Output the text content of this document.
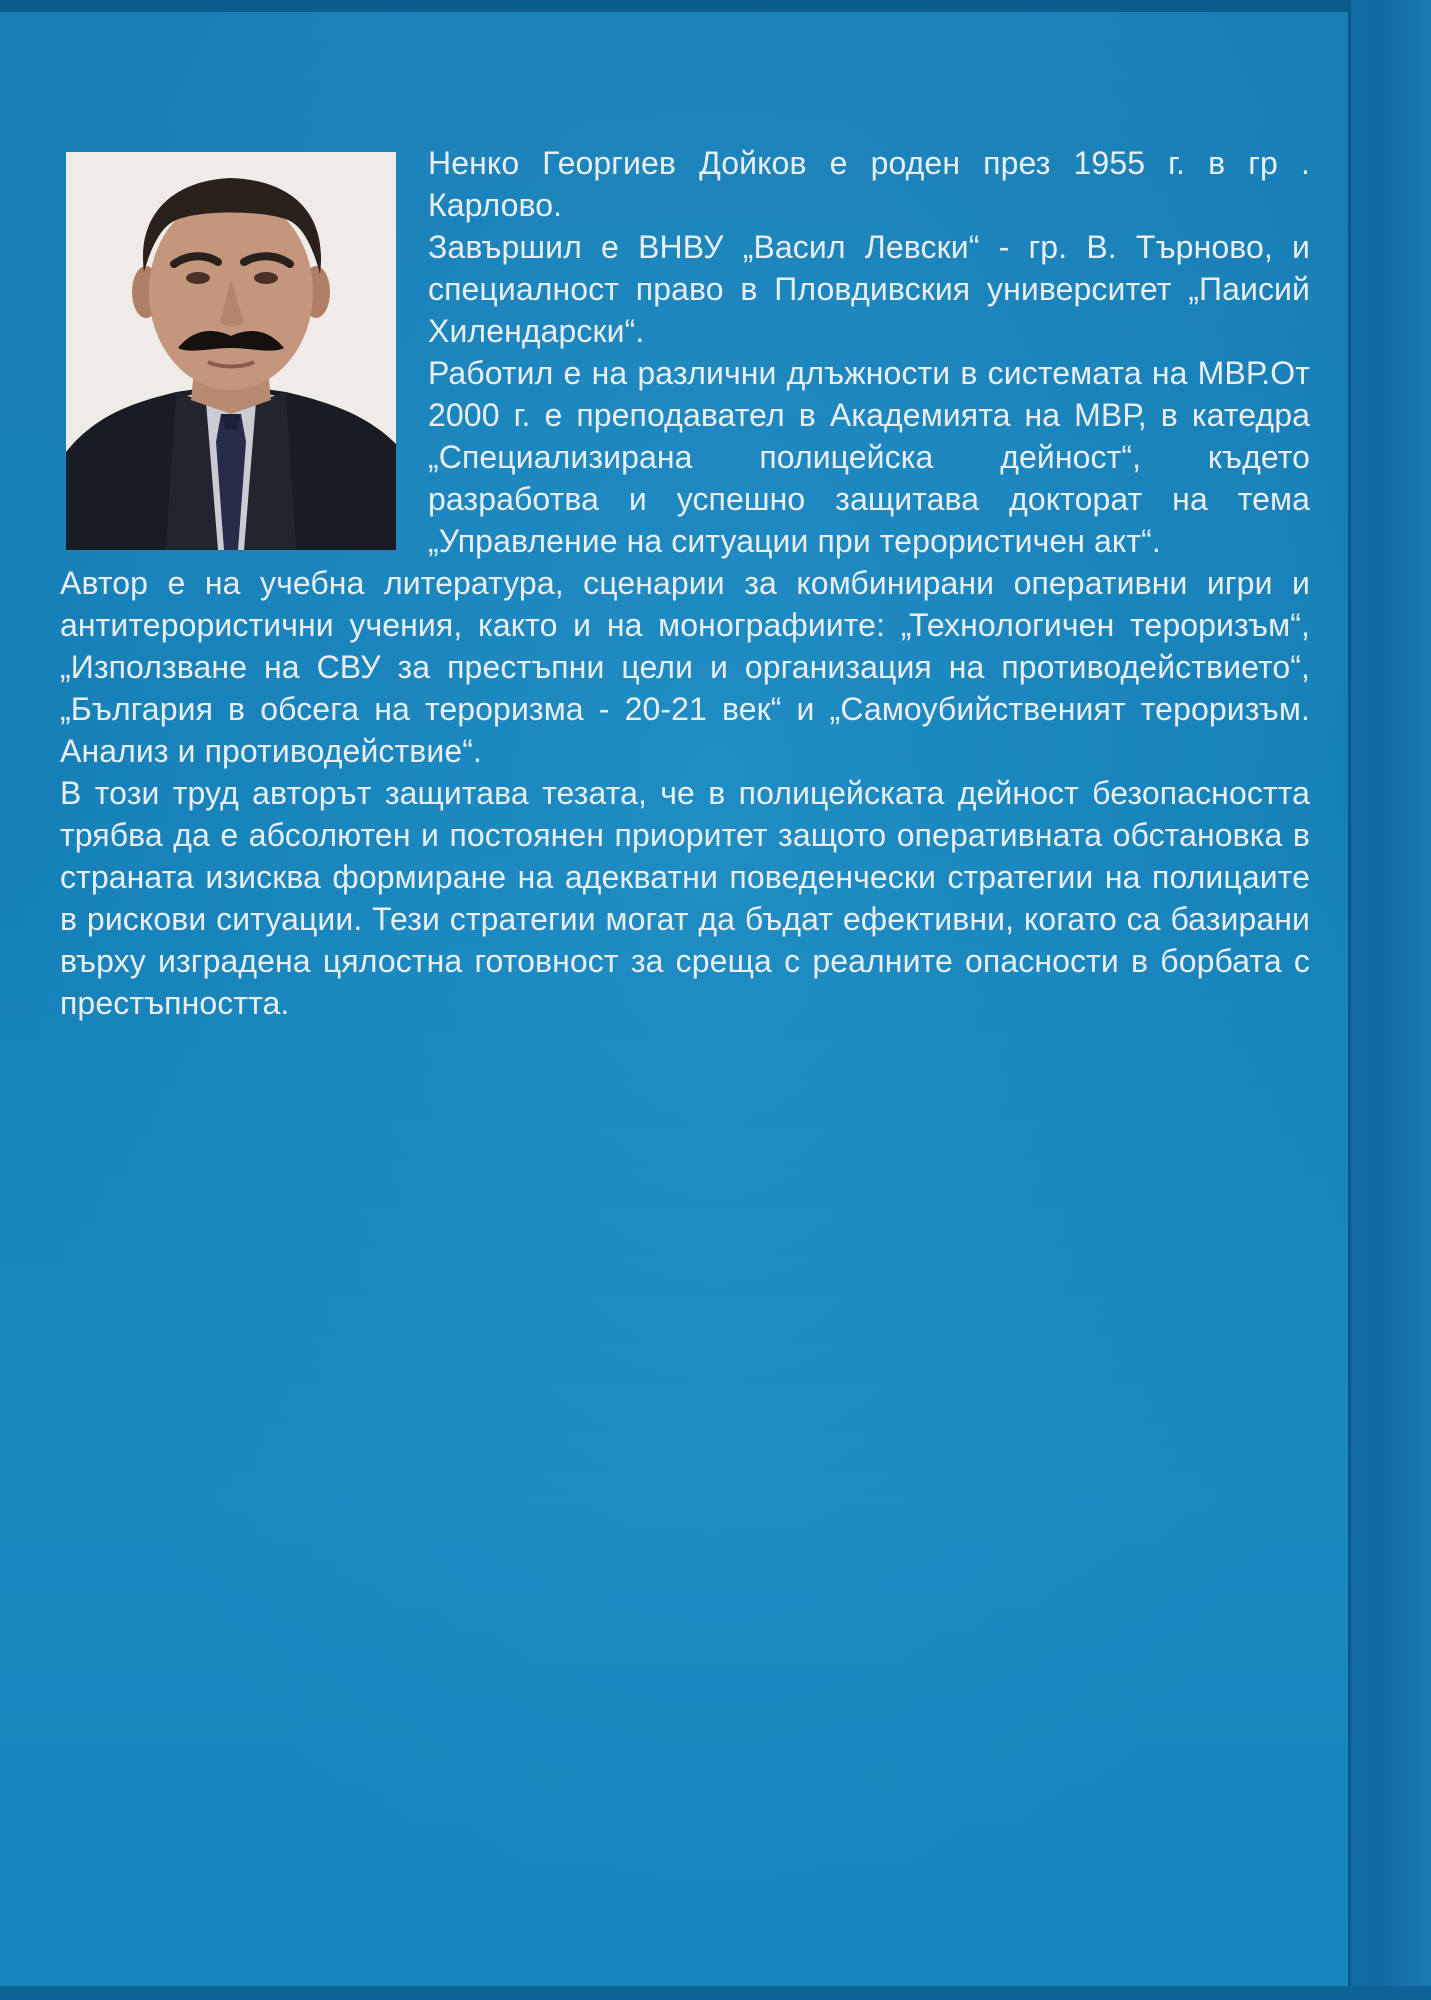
Ненко Георгиев Дойков е роден през 1955 г. в гр . Карлово.

Завършил е ВНВУ „Васил Левски“ - гр. В. Търново, и специалност право в Пловдивския университет „Паисий Хилендарски“.

Работил е на различни длъжности в системата на МВР.От 2000 г. е преподавател в Академията на МВР, в катедра „Специализирана полицейска дейност“, където разработва и успешно защитава докторат на тема „Управление на ситуации при терористичен акт“.

Автор е на учебна литература, сценарии за комбинирани оперативни игри и антитерористични учения, както и на монографиите: „Технологичен тероризъм“, „Използване на СВУ за престъпни цели и организация на противодействието“, „България в обсега на тероризма - 20-21 век“ и „Самоубийственият тероризъм. Анализ и противодействие“.

В този труд авторът защитава тезата, че в полицейската дейност безопасността трябва да е абсолютен и постоянен приоритет защото оперативната обстановка в страната изисква формиране на адекватни поведенчески стратегии на полицаите в рискови ситуации. Тези стратегии могат да бъдат ефективни, когато са базирани върху изградена цялостна готовност за среща с реалните опасности в борбата с престъпността.
